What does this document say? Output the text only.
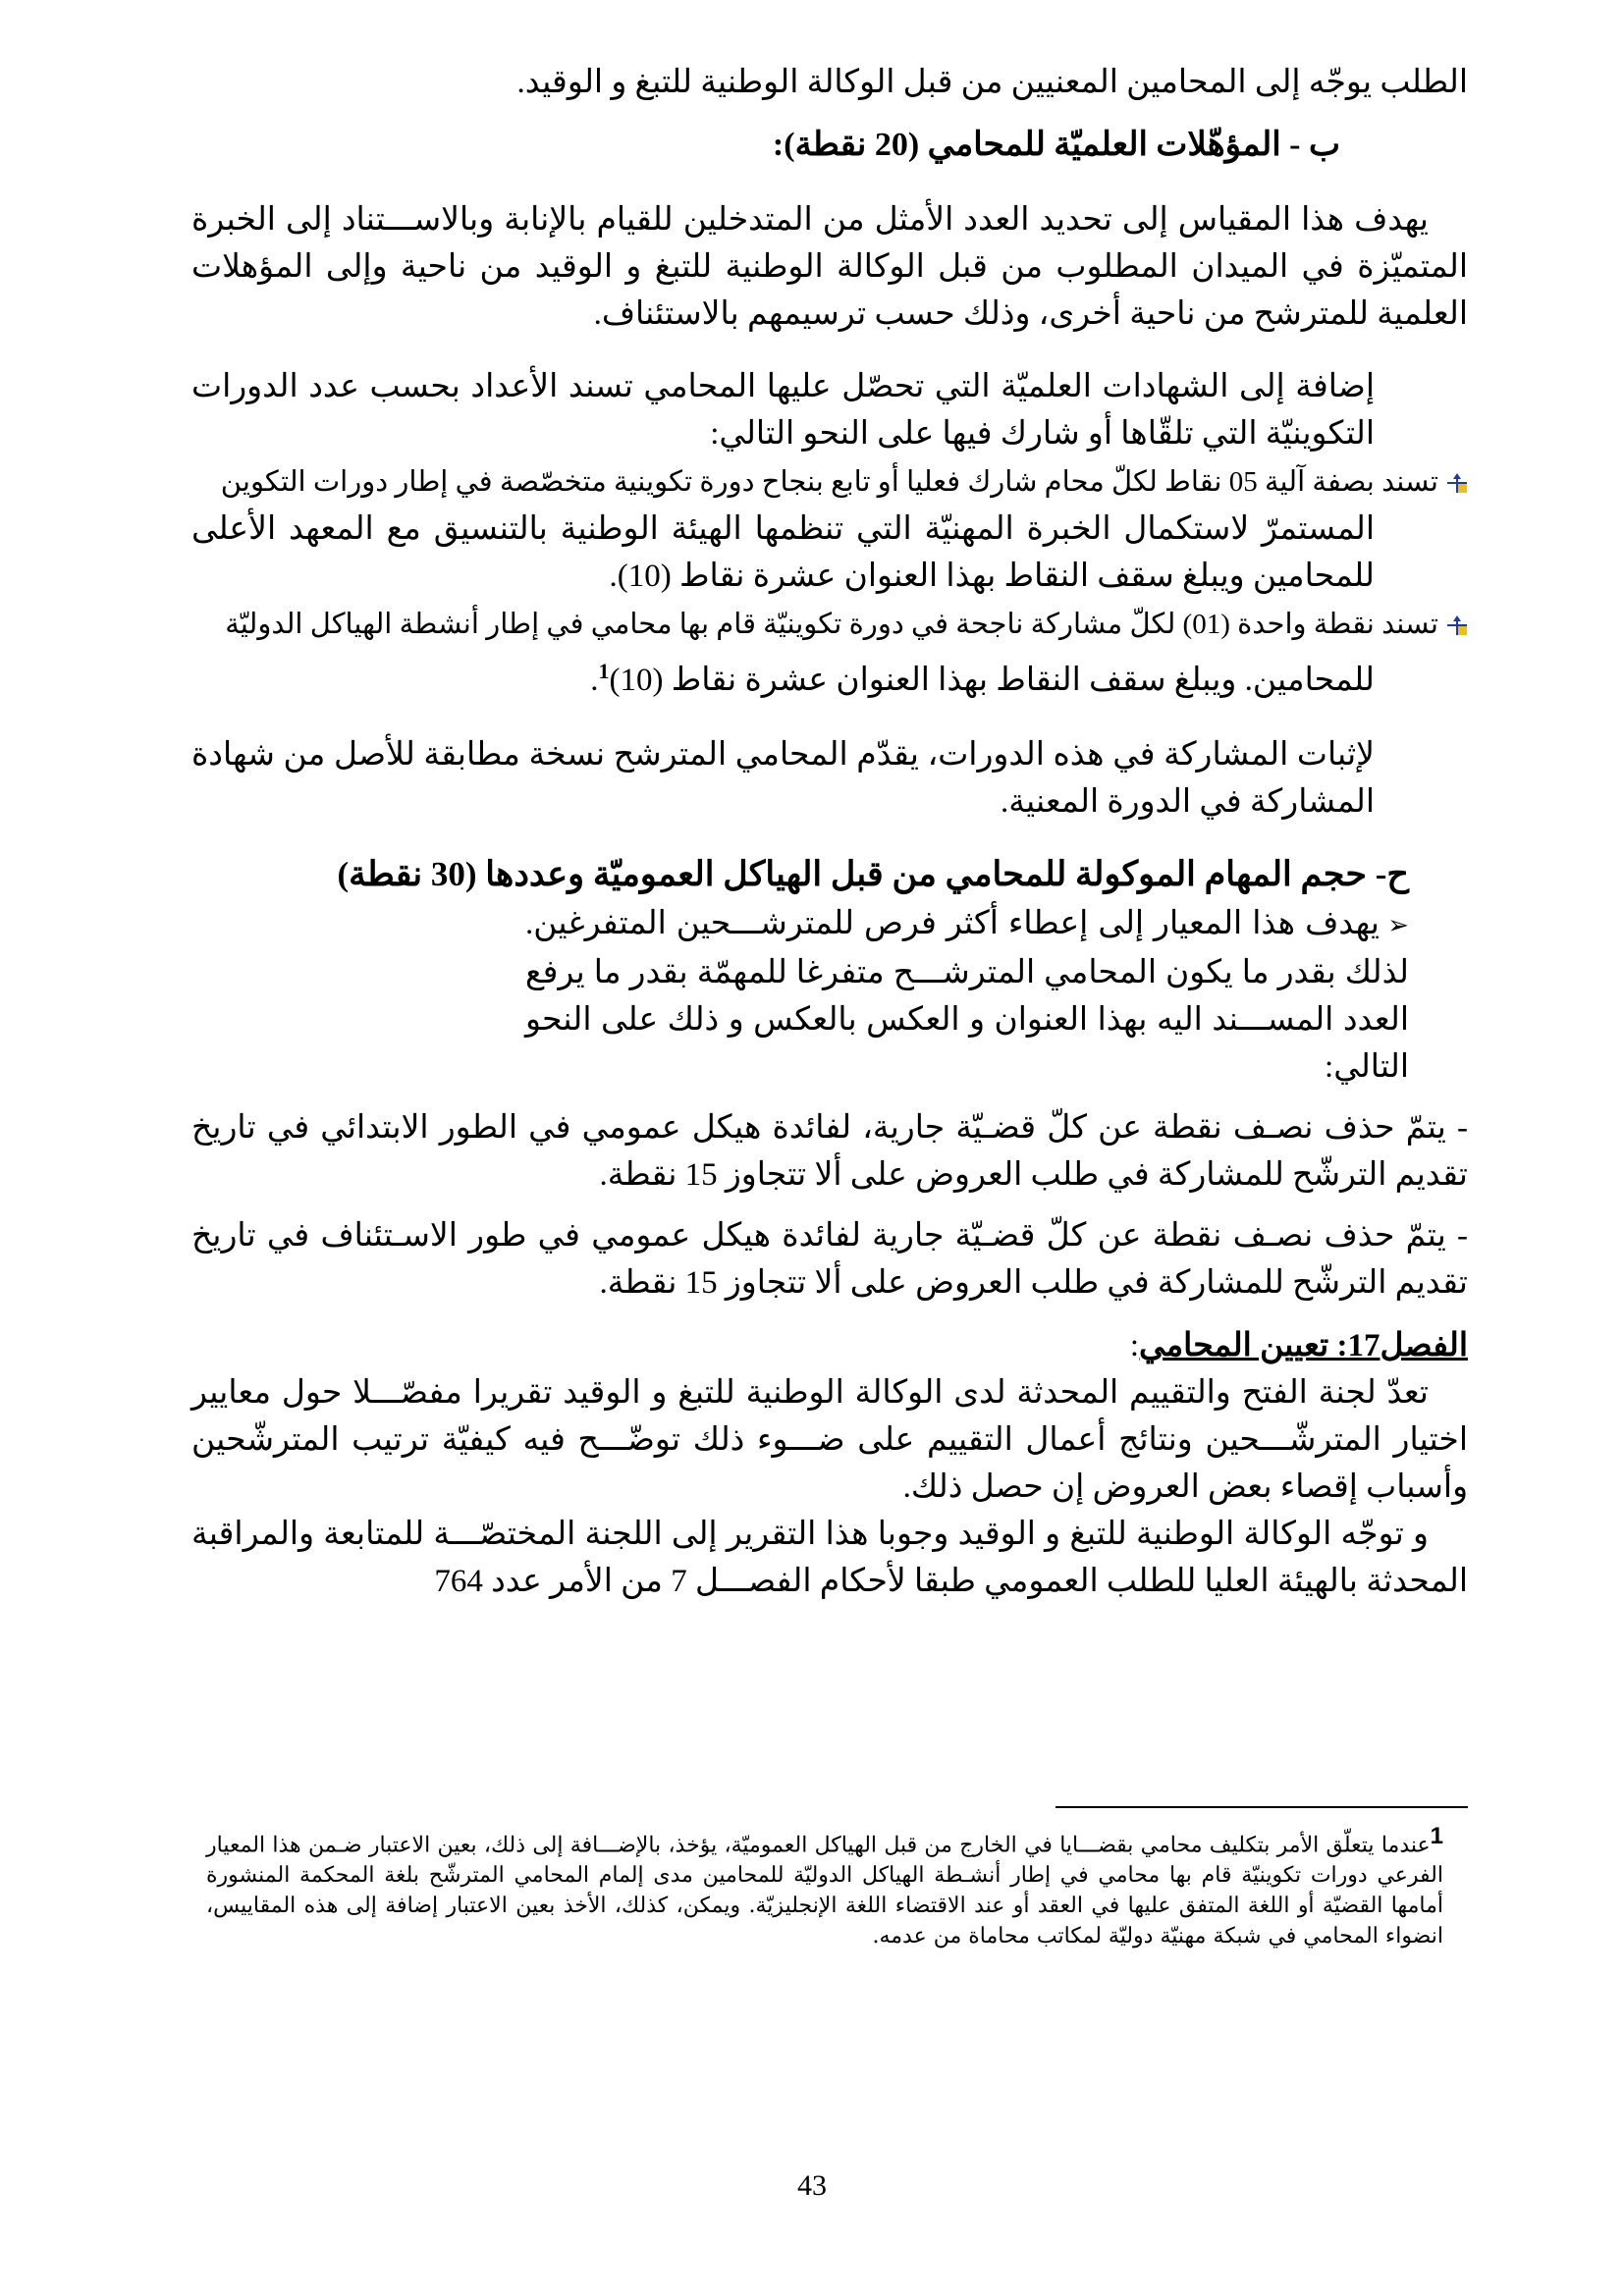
الطلب يوجّه إلى المحامين المعنيين من قبل الوكالة الوطنية للتبغ و الوقيد.

ب - المؤهّلات العلميّة للمحامي (20 نقطة):

يهدف هذا المقياس إلى تحديد العدد الأمثل من المتدخلين للقيام بالإنابة وبالاســـتناد إلى الخبرة المتميّزة في الميدان المطلوب من قبل الوكالة الوطنية للتبغ و الوقيد من ناحية وإلى المؤهلات العلمية للمترشح من ناحية أخرى، وذلك حسب ترسيمهم بالاستئناف.

إضافة إلى الشهادات العلميّة التي تحصّل عليها المحامي تسند الأعداد بحسب عدد الدورات التكوينيّة التي تلقّاها أو شارك فيها على النحو التالي:

تسند بصفة آلية 05 نقاط لكلّ محام شارك فعليا أو تابع بنجاح دورة تكوينية متخصّصة في إطار دورات التكوين
المستمرّ لاستكمال الخبرة المهنيّة التي تنظمها الهيئة الوطنية بالتنسيق مع المعهد الأعلى للمحامين ويبلغ سقف النقاط بهذا العنوان عشرة نقاط (10).
تسند نقطة واحدة (01) لكلّ مشاركة ناجحة في دورة تكوينيّة قام بها محامي في إطار أنشطة الهياكل الدوليّة
للمحامين. ويبلغ سقف النقاط بهذا العنوان عشرة نقاط $(10)^1$.

لإثبات المشاركة في هذه الدورات، يقدّم المحامي المترشح نسخة مطابقة للأصل من شهادة المشاركة في الدورة المعنية.

ح- حجم المهام الموكولة للمحامي من قبل الهياكل العموميّة وعددها (30 نقطة)

➢يهدف هذا المعيار إلى إعطاء أكثر فرص للمترشـــحين المتفرغين. لذلك بقدر ما يكون المحامي المترشـــح متفرغا للمهمّة بقدر ما يرفع العدد المســـند اليه بهذا العنوان و العكس بالعكس و ذلك على النحو التالي:

- يتمّ حذف نصـف نقطة عن كلّ قضـيّة جارية، لفائدة هيكل عمومي في الطور الابتدائي في تاريخ تقديم الترشّح للمشاركة في طلب العروض على ألا تتجاوز 15 نقطة.

- يتمّ حذف نصـف نقطة عن كلّ قضـيّة جارية لفائدة هيكل عمومي في طور الاسـتئناف في تاريخ تقديم الترشّح للمشاركة في طلب العروض على ألا تتجاوز 15 نقطة.

الفصل17: تعيين المحامي:

تعدّ لجنة الفتح والتقييم المحدثة لدى الوكالة الوطنية للتبغ و الوقيد تقريرا مفصّـــلا حول معايير اختيار المترشّـــحين ونتائج أعمال التقييم على ضـــوء ذلك توضّـــح فيه كيفيّة ترتيب المترشّحين وأسباب إقصاء بعض العروض إن حصل ذلك.

و توجّه الوكالة الوطنية للتبغ و الوقيد وجوبا هذا التقرير إلى اللجنة المختصّـــة للمتابعة والمراقبة المحدثة بالهيئة العليا للطلب العمومي طبقا لأحكام الفصـــل 7 من الأمر عدد 764

1عندما يتعلّق الأمر بتكليف محامي بقضـــايا في الخارج من قبل الهياكل العموميّة، يؤخذ، بالإضـــافة إلى ذلك، بعين الاعتبار ضـمن هذا المعيار الفرعي دورات تكوينيّة قام بها محامي في إطار أنشـطة الهياكل الدوليّة للمحامين مدى إلمام المحامي المترشّح بلغة المحكمة المنشورة أمامها القضيّة أو اللغة المتفق عليها في العقد أو عند الاقتضاء اللغة الإنجليزيّة. ويمكن، كذلك، الأخذ بعين الاعتبار إضافة إلى هذه المقاييس، انضواء المحامي في شبكة مهنيّة دوليّة لمكاتب محاماة من عدمه.
43
